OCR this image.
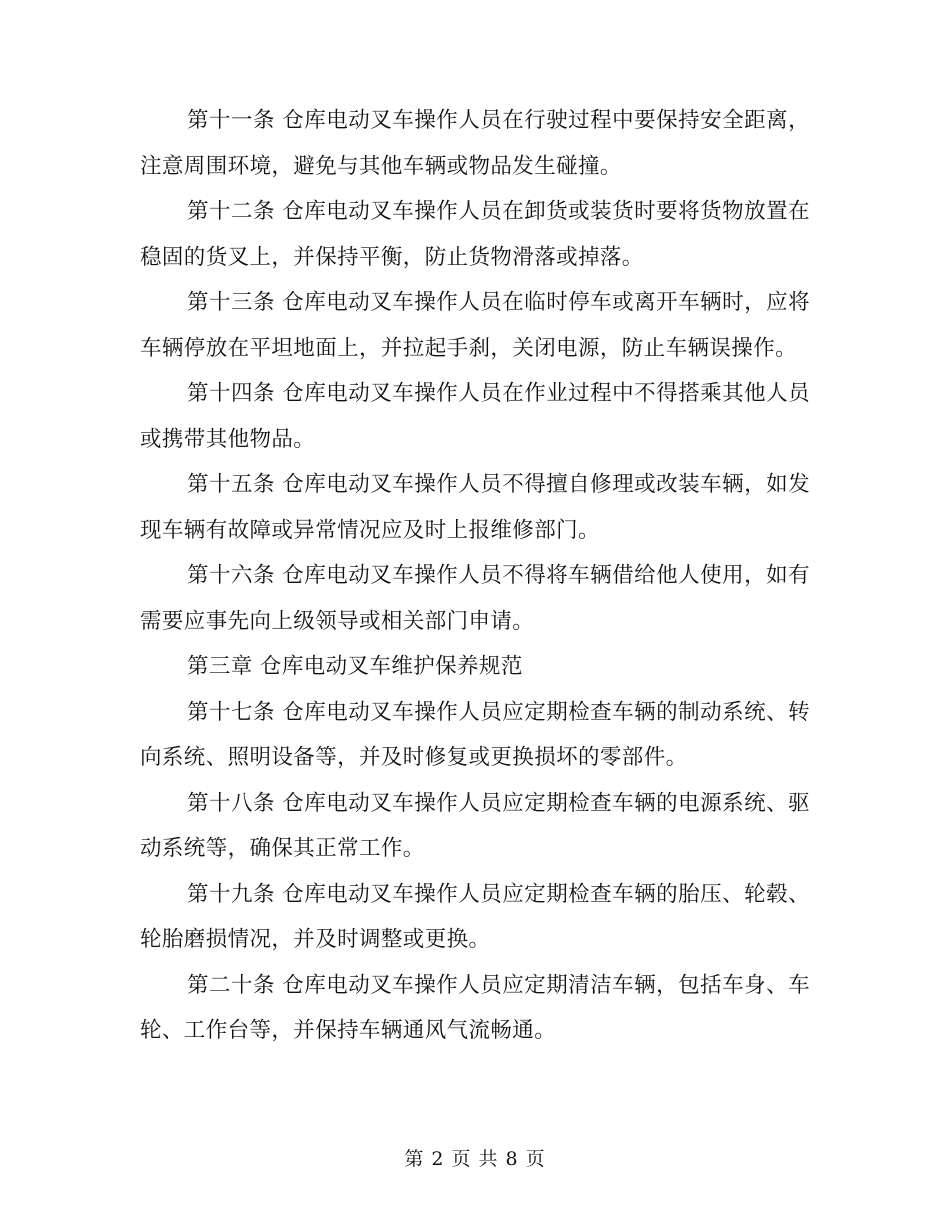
第十一条 仓库电动叉车操作人员在行驶过程中要保持安全距离，注意周围环境，避免与其他车辆或物品发生碰撞。

第十二条 仓库电动叉车操作人员在卸货或装货时要将货物放置在稳固的货叉上，并保持平衡，防止货物滑落或掉落。

第十三条 仓库电动叉车操作人员在临时停车或离开车辆时，应将车辆停放在平坦地面上，并拉起手刹，关闭电源，防止车辆误操作。

第十四条 仓库电动叉车操作人员在作业过程中不得搭乘其他人员或携带其他物品。

第十五条 仓库电动叉车操作人员不得擅自修理或改装车辆，如发现车辆有故障或异常情况应及时上报维修部门。

第十六条 仓库电动叉车操作人员不得将车辆借给他人使用，如有需要应事先向上级领导或相关部门申请。

第三章 仓库电动叉车维护保养规范

第十七条 仓库电动叉车操作人员应定期检查车辆的制动系统、转向系统、照明设备等，并及时修复或更换损坏的零部件。

第十八条 仓库电动叉车操作人员应定期检查车辆的电源系统、驱动系统等，确保其正常工作。

第十九条 仓库电动叉车操作人员应定期检查车辆的胎压、轮毂、轮胎磨损情况，并及时调整或更换。

第二十条 仓库电动叉车操作人员应定期清洁车辆，包括车身、车轮、工作台等，并保持车辆通风气流畅通。

第 2 页 共 8 页
